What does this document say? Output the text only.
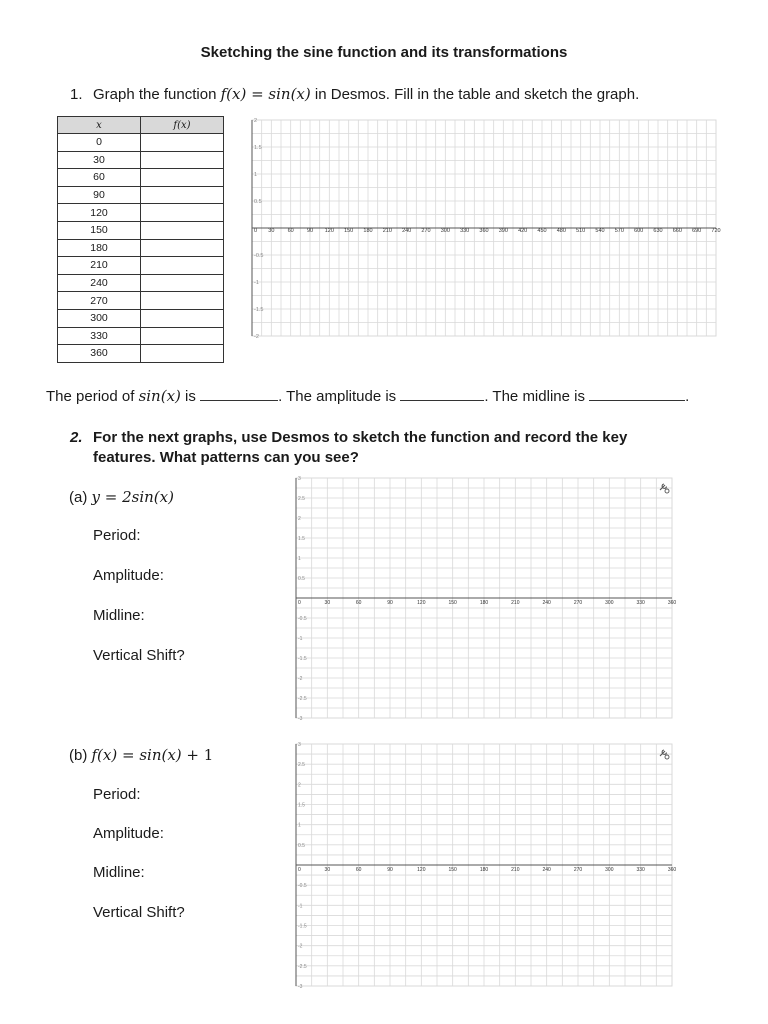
Sketching the sine function and its transformations
1. Graph the function f(x) = sin(x) in Desmos. Fill in the table and sketch the graph.
x	f(x)
0	
30	
60	
90	
120	
150	
180	
210	
240	
270	
300	
330	
360	
0 30 60 90 120 150 180 210 240 270 300 330 360 390 420 450 480 510 540 570 600 630 660 690 720
2
1.5
1
0.5
-0.5
-1
-1.5
-2
The period of sin(x) is	. The amplitude is	. The midline is	.
2. For the next graphs, use Desmos to sketch the function and record the key
features. What patterns can you see?
(a) y = 2sin(x)
Period:
Amplitude:
Midline:
Vertical Shift?
0	30	60	90	120	150	180	210	240	270	300	330	360
3
2.5
2
1.5
1
0.5
-0.5
-1
-1.5
-2
-2.5
-3
(b) f(x) = sin(x) + 1
Period:
Amplitude:
Midline:
Vertical Shift?
0	30	60	90	120	150	180	210	240	270	300	330	360
3
2.5
2
1.5
1
0.5
-0.5
-1
-1.5
-2
-2.5
-3
